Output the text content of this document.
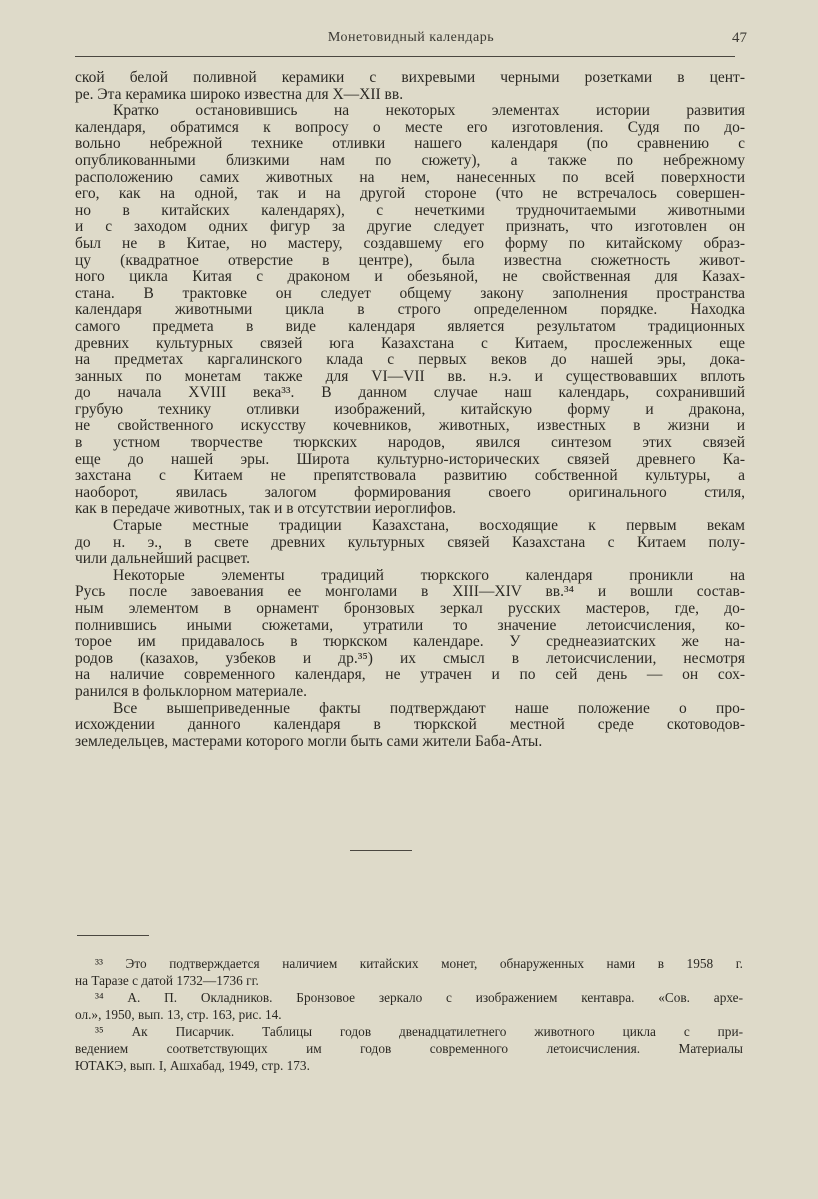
Монетовидный календарь	47
ской белой поливной керамики с вихревыми черными розетками в цент-
ре. Эта керамика широко известна для X—XII вв.
Кратко остановившись на некоторых элементах истории развития
календаря, обратимся к вопросу о месте его изготовления. Судя по до-
вольно небрежной технике отливки нашего календаря (по сравнению с
опубликованными близкими нам по сюжету), а также по небрежному
расположению самих животных на нем, нанесенных по всей поверхности
его, как на одной, так и на другой стороне (что не встречалось совершен-
но в китайских календарях), с нечеткими трудночитаемыми животными
и с заходом одних фигур за другие следует признать, что изготовлен он
был не в Китае, но мастеру, создавшему его форму по китайскому образ-
цу (квадратное отверстие в центре), была известна сюжетность живот-
ного цикла Китая с драконом и обезьяной, не свойственная для Казах-
стана. В трактовке он следует общему закону заполнения пространства
календаря животными цикла в строго определенном порядке. Находка
самого предмета в виде календаря является результатом традиционных
древних культурных связей юга Казахстана с Китаем, прослеженных еще
на предметах каргалинского клада с первых веков до нашей эры, дока-
занных по монетам также для VI—VII вв. н.э. и существовавших вплоть
до начала XVIII века³³. В данном случае наш календарь, сохранивший
грубую технику отливки изображений, китайскую форму и дракона,
не свойственного искусству кочевников, животных, известных в жизни и
в устном творчестве тюркских народов, явился синтезом этих связей
еще до нашей эры. Широта культурно-исторических связей древнего Ка-
захстана с Китаем не препятствовала развитию собственной культуры, а
наоборот, явилась залогом формирования своего оригинального стиля,
как в передаче животных, так и в отсутствии иероглифов.
Старые местные традиции Казахстана, восходящие к первым векам
до н. э., в свете древних культурных связей Казахстана с Китаем полу-
чили дальнейший расцвет.
Некоторые элементы традиций тюркского календаря проникли на
Русь после завоевания ее монголами в XIII—XIV вв.³⁴ и вошли состав-
ным элементом в орнамент бронзовых зеркал русских мастеров, где, до-
полнившись иными сюжетами, утратили то значение летоисчисления, ко-
торое им придавалось в тюркском календаре. У среднеазиатских же на-
родов (казахов, узбеков и др.³⁵) их смысл в летоисчислении, несмотря
на наличие современного календаря, не утрачен и по сей день — он сох-
ранился в фольклорном материале.
Все вышеприведенные факты подтверждают наше положение о про-
исхождении данного календаря в тюркской местной среде скотоводов-
земледельцев, мастерами которого могли быть сами жители Баба-Аты.
³³ Это подтверждается наличием китайских монет, обнаруженных нами в 1958 г.
на Таразе с датой 1732—1736 гг.
³⁴ А. П. Окладников. Бронзовое зеркало с изображением кентавра. «Сов. архе-
ол.», 1950, вып. 13, стр. 163, рис. 14.
³⁵ Ак Писарчик. Таблицы годов двенадцатилетнего животного цикла с при-
ведением соответствующих им годов современного летоисчисления. Материалы
ЮТАКЭ, вып. I, Ашхабад, 1949, стр. 173.
